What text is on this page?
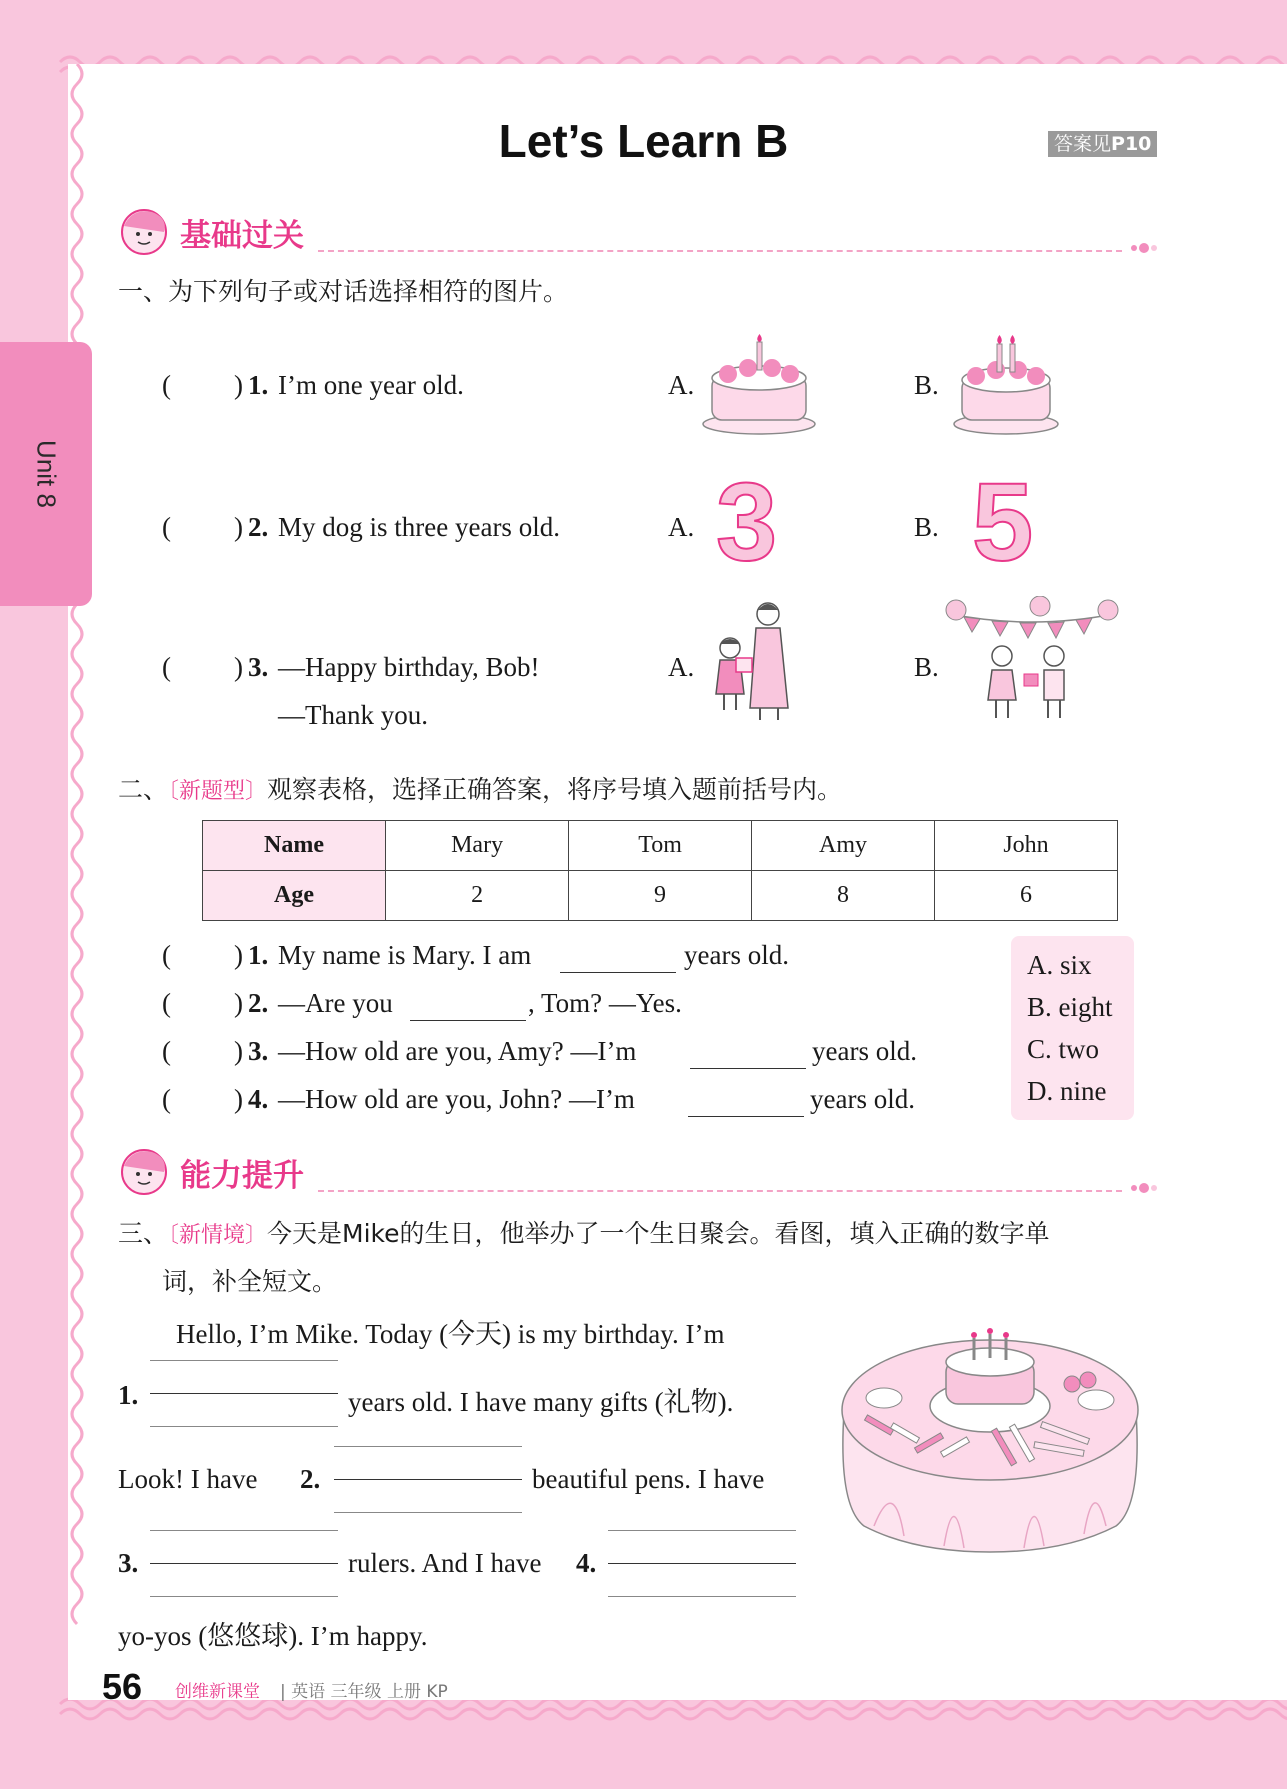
Unit 8
Let’s Learn B	答案见P10
基础过关
一、为下列句子或对话选择相符的图片。
( ) 1. I’m one year old.	A.	B.
( ) 2. My dog is three years old.	A.	B.
3 5
( ) 3. —Happy birthday, Bob!
—Thank you.
A.	B.
二、〔新题型〕观察表格，选择正确答案，将序号填入题前括号内。
Name	Mary	Tom	Amy	John
Age	2	9	8	6
( ) 1. My name is Mary. I am	years old.
( ) 2. —Are you	, Tom? —Yes.
( ) 3. —How old are you, Amy? —I’m	years old.
( ) 4. —How old are you, John? —I’m	years old.
A. six
B. eight
C. two
D. nine
能力提升
三、〔新情境〕今天是Mike的生日，他举办了一个生日聚会。看图，填入正确的数字单
词，补全短文。
Hello, I’m Mike. Today (今天) is my birthday. I’m
1.	years old. I have many gifts (礼物).
Look! I have 2.	beautiful pens. I have
3.	rulers. And I have 4.
yo-yos (悠悠球). I’m happy.
56 创维新课堂 | 英语 三年级 上册 KP
